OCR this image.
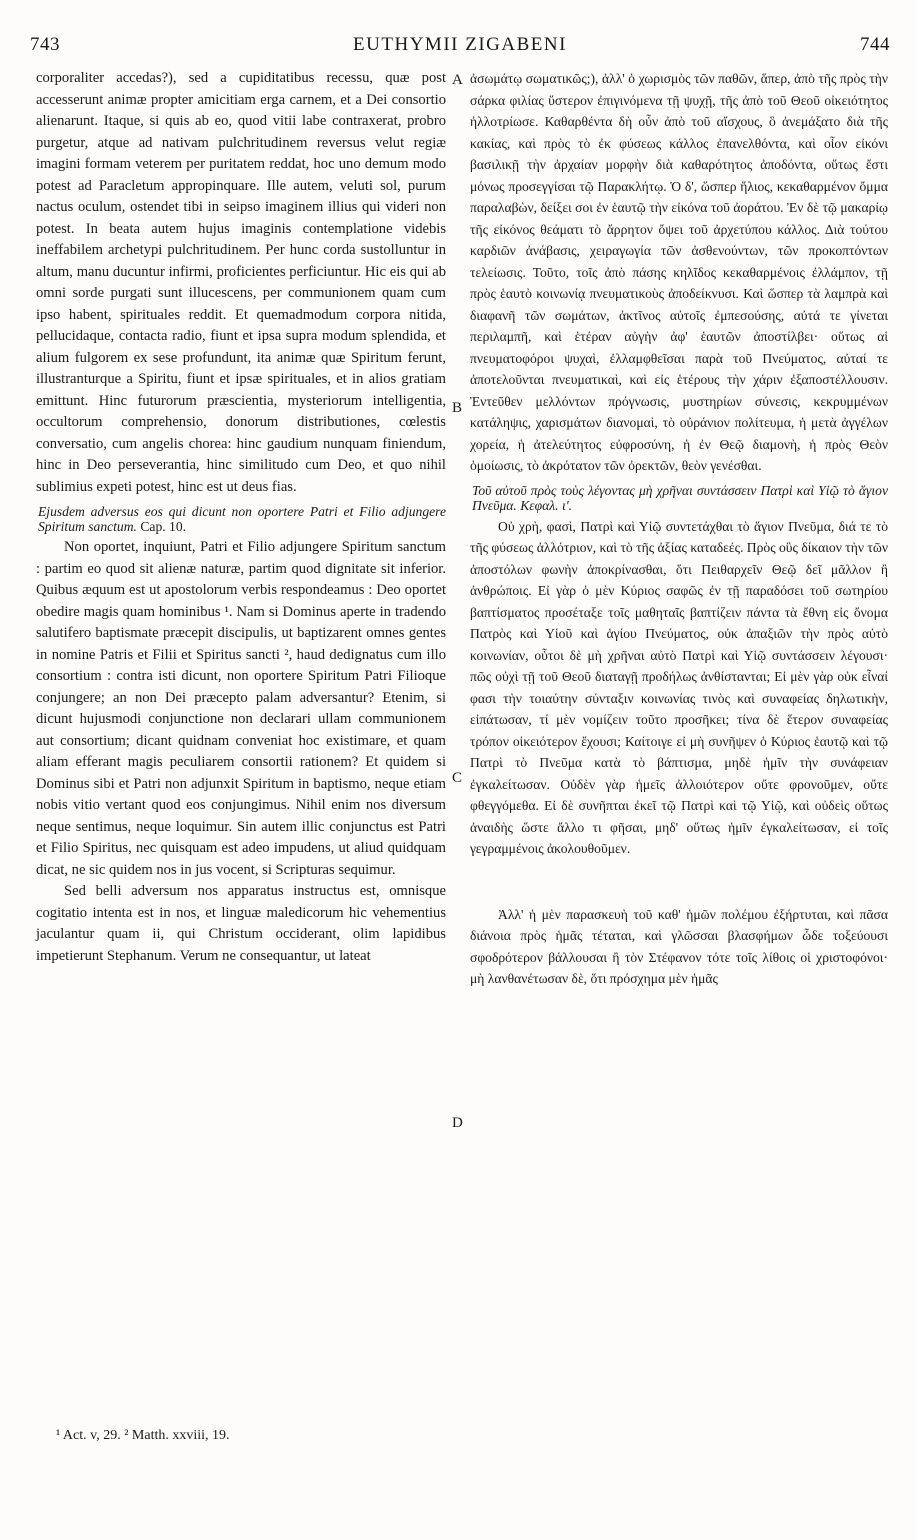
743	EUTHYMII ZIGABENI	744

corporaliter accedas?), sed a cupiditatibus recessu, quæ post accesserunt animæ propter amicitiam erga carnem, et a Dei consortio alienarunt. Itaque, si quis ab eo, quod vitii labe contraxerat, probro purgetur, atque ad nativam pulchritudinem reversus velut regiæ imagini formam veterem per puritatem reddat, hoc uno demum modo potest ad Paracletum appropinquare. Ille autem, veluti sol, purum nactus oculum, ostendet tibi in seipso imaginem illius qui videri non potest. In beata autem hujus imaginis contemplatione videbis ineffabilem archetypi pulchritudinem. Per hunc corda sustolluntur in altum, manu ducuntur infirmi, proficientes perficiuntur. Hic eis qui ab omni sorde purgati sunt illucescens, per communionem quam cum ipso habent, spirituales reddit. Et quemadmodum corpora nitida, pellucidaque, contacta radio, fiunt et ipsa supra modum splendida, et alium fulgorem ex sese profundunt, ita animæ quæ Spiritum ferunt, illustranturque a Spiritu, fiunt et ipsæ spirituales, et in alios gratiam emittunt. Hinc futurorum præscientia, mysteriorum intelligentia, occultorum comprehensio, donorum distributiones, cœlestis conversatio, cum angelis chorea: hinc gaudium nunquam finiendum, hinc in Deo perseverantia, hinc similitudo cum Deo, et quo nihil sublimius expeti potest, hinc est ut deus fias.

Ejusdem adversus eos qui dicunt non oportere Patri et Filio adjungere Spiritum sanctum. Cap. 10.

Non oportet, inquiunt, Patri et Filio adjungere Spiritum sanctum : partim eo quod sit alienæ naturæ, partim quod dignitate sit inferior. Quibus æquum est ut apostolorum verbis respondeamus : Deo oportet obedire magis quam hominibus ¹. Nam si Dominus aperte in tradendo salutifero baptismate præcepit discipulis, ut baptizarent omnes gentes in nomine Patris et Filii et Spiritus sancti ², haud dedignatus cum illo consortium : contra isti dicunt, non oportere Spiritum Patri Filioque conjungere; an non Dei præcepto palam adversantur? Etenim, si dicunt hujusmodi conjunctione non declarari ullam communionem aut consortium; dicant quidnam conveniat hoc existimare, et quam aliam efferant magis peculiarem consortii rationem? Et quidem si Dominus sibi et Patri non adjunxit Spiritum in baptismo, neque etiam nobis vitio vertant quod eos conjungimus. Nihil enim nos diversum neque sentimus, neque loquimur. Sin autem illic conjunctus est Patri et Filio Spiritus, nec quisquam est adeo impudens, ut aliud quidquam dicat, ne sic quidem nos in jus vocent, si Scripturas sequimur.

Sed belli adversum nos apparatus instructus est, omnisque cogitatio intenta est in nos, et linguæ maledicorum hic vehementius jaculantur quam ii, qui Christum occiderant, olim lapidibus impetierunt Stephanum. Verum ne consequantur, ut lateat

ἀσωμάτῳ σωματικῶς;), ἀλλ' ὁ χωρισμὸς τῶν παθῶν, ἅπερ, ἀπὸ τῆς πρὸς τὴν σάρκα φιλίας ὕστερον ἐπιγινόμενα τῇ ψυχῇ, τῆς ἀπὸ τοῦ Θεοῦ οἰκειότητος ἠλλοτρίωσε. Καθαρθέντα δὴ οὖν ἀπὸ τοῦ αἴσχους, ὃ ἀνεμάξατο διὰ τῆς κακίας, καὶ πρὸς τὸ ἐκ φύσεως κάλλος ἐπανελθόντα, καὶ οἷον εἰκόνι βασιλικῇ τὴν ἀρχαίαν μορφὴν διὰ καθαρότητος ἀποδόντα, οὕτως ἔστι μόνως προσεγγίσαι τῷ Παρακλήτῳ. Ὁ δ', ὥσπερ ἥλιος, κεκαθαρμένον ὄμμα παραλαβὼν, δείξει σοι ἐν ἑαυτῷ τὴν εἰκόνα τοῦ ἀοράτου. Ἐν δὲ τῷ μακαρίῳ τῆς εἰκόνος θεάματι τὸ ἄρρητον ὄψει τοῦ ἀρχετύπου κάλλος. Διὰ τούτου καρδιῶν ἀνάβασις, χειραγωγία τῶν ἀσθενούντων, τῶν προκοπτόντων τελείωσις. Τοῦτο, τοῖς ἀπὸ πάσης κηλῖδος κεκαθαρμένοις ἐλλάμπον, τῇ πρὸς ἑαυτὸ κοινωνίᾳ πνευματικοὺς ἀποδείκνυσι. Καὶ ὥσπερ τὰ λαμπρὰ καὶ διαφανῆ τῶν σωμάτων, ἀκτῖνος αὐτοῖς ἐμπεσούσης, αὐτά τε γίνεται περιλαμπῆ, καὶ ἑτέραν αὐγὴν ἀφ' ἑαυτῶν ἀποστίλβει· οὕτως αἱ πνευματοφόροι ψυχαὶ, ἐλλαμφθεῖσαι παρὰ τοῦ Πνεύματος, αὐταί τε ἀποτελοῦνται πνευματικαὶ, καὶ εἰς ἑτέρους τὴν χάριν ἐξαποστέλλουσιν. Ἐντεῦθεν μελλόντων πρόγνωσις, μυστηρίων σύνεσις, κεκρυμμένων κατάληψις, χαρισμάτων διανομαὶ, τὸ οὐράνιον πολίτευμα, ἡ μετὰ ἀγγέλων χορεία, ἡ ἀτελεύτητος εὐφροσύνη, ἡ ἐν Θεῷ διαμονὴ, ἡ πρὸς Θεὸν ὁμοίωσις, τὸ ἀκρότατον τῶν ὀρεκτῶν, θεὸν γενέσθαι.

Τοῦ αὐτοῦ πρὸς τοὺς λέγοντας μὴ χρῆναι συντάσσειν Πατρὶ καὶ Υἱῷ τὸ ἅγιον Πνεῦμα. Κεφαλ. ι'.

Οὐ χρὴ, φασὶ, Πατρὶ καὶ Υἱῷ συντετάχθαι τὸ ἅγιον Πνεῦμα, διά τε τὸ τῆς φύσεως ἀλλότριον, καὶ τὸ τῆς ἀξίας καταδεές. Πρὸς οὓς δίκαιον τὴν τῶν ἀποστόλων φωνὴν ἀποκρίνασθαι, ὅτι Πειθαρχεῖν Θεῷ δεῖ μᾶλλον ἢ ἀνθρώποις. Εἰ γὰρ ὁ μὲν Κύριος σαφῶς ἐν τῇ παραδόσει τοῦ σωτηρίου βαπτίσματος προσέταξε τοῖς μαθηταῖς βαπτίζειν πάντα τὰ ἔθνη εἰς ὄνομα Πατρὸς καὶ Υἱοῦ καὶ ἁγίου Πνεύματος, οὐκ ἀπαξιῶν τὴν πρὸς αὐτὸ κοινωνίαν, οὗτοι δὲ μὴ χρῆναι αὐτὸ Πατρὶ καὶ Υἱῷ συντάσσειν λέγουσι· πῶς οὐχὶ τῇ τοῦ Θεοῦ διαταγῇ προδήλως ἀνθίστανται; Εἰ μὲν γὰρ οὐκ εἶναί φασι τὴν τοιαύτην σύνταξιν κοινωνίας τινὸς καὶ συναφείας δηλωτικὴν, εἰπάτωσαν, τί μὲν νομίζειν τοῦτο προσῆκει; τίνα δὲ ἕτερον συναφείας τρόπον οἰκειότερον ἔχουσι; Καίτοιγε εἰ μὴ συνῆψεν ὁ Κύριος ἑαυτῷ καὶ τῷ Πατρὶ τὸ Πνεῦμα κατὰ τὸ βάπτισμα, μηδὲ ἡμῖν τὴν συνάφειαν ἐγκαλείτωσαν. Οὐδὲν γὰρ ἡμεῖς ἀλλοιότερον οὔτε φρονοῦμεν, οὔτε φθεγγόμεθα. Εἰ δὲ συνῆπται ἐκεῖ τῷ Πατρὶ καὶ τῷ Υἱῷ, καὶ οὐδεὶς οὕτως ἀναιδὴς ὥστε ἄλλο τι φῆσαι, μηδ' οὕτως ἡμῖν ἐγκαλείτωσαν, εἰ τοῖς γεγραμμένοις ἀκολουθοῦμεν.

Ἀλλ' ἡ μὲν παρασκευὴ τοῦ καθ' ἡμῶν πολέμου ἐξήρτυται, καὶ πᾶσα διάνοια πρὸς ἡμᾶς τέταται, καὶ γλῶσσαι βλασφήμων ὧδε τοξεύουσι σφοδρότερον βάλλουσαι ἢ τὸν Στέφανον τότε τοῖς λίθοις οἱ χριστοφόνοι· μὴ λανθανέτωσαν δὲ, ὅτι πρόσχημα μὲν ἡμᾶς

A
B
C
D
¹ Act. v, 29. ² Matth. xxviii, 19.
